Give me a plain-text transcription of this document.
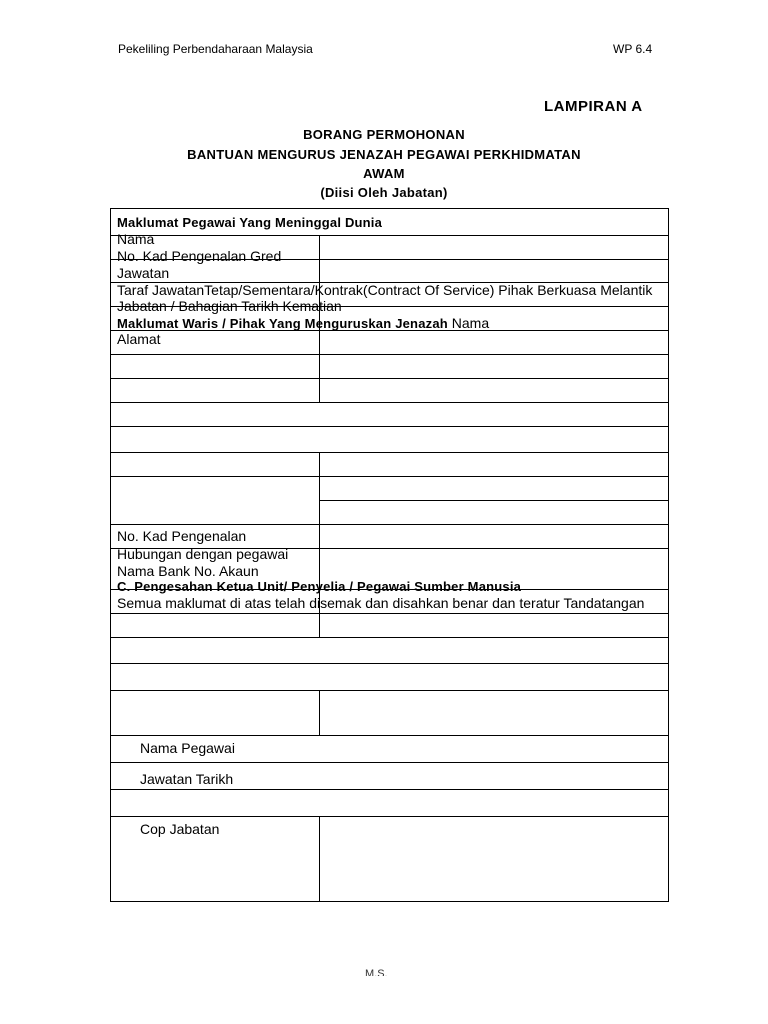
Pekeliling Perbendaharaan Malaysia	WP 6.4
LAMPIRAN A
BORANG PERMOHONAN
BANTUAN MENGURUS JENAZAH PEGAWAI PERKHIDMATAN
AWAM
(Diisi Oleh Jabatan)
Maklumat Pegawai Yang Meninggal Dunia
Nama
No. Kad Pengenalan Gred
Jawatan
Taraf JawatanTetap/Sementara/Kontrak(Contract Of Service) Pihak Berkuasa Melantik
Jabatan / Bahagian Tarikh Kematian
Maklumat Waris / Pihak Yang Menguruskan Jenazah Nama
Alamat
No. Kad Pengenalan
Hubungan dengan pegawai
Nama Bank No. Akaun
C. Pengesahan Ketua Unit/ Penyelia / Pegawai Sumber Manusia
Semua maklumat di atas telah disemak dan disahkan benar dan teratur Tandatangan
Nama Pegawai
Jawatan Tarikh
Cop Jabatan
M.S.
